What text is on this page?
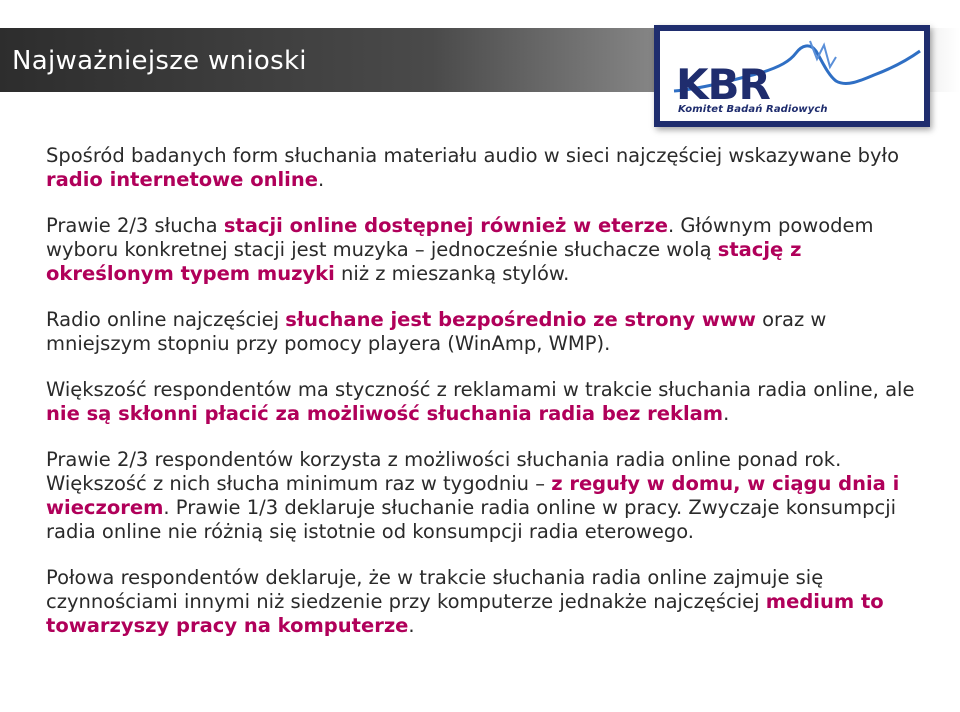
Najważniejsze wnioski	KBR
Komitet Badań Radiowych

Spośród badanych form słuchania materiału audio w sieci najczęściej wskazywane było radio internetowe online.

Prawie 2/3 słucha stacji online dostępnej również w eterze. Głównym powodem wyboru konkretnej stacji jest muzyka – jednocześnie słuchacze wolą stację z określonym typem muzyki niż z mieszanką stylów.

Radio online najczęściej słuchane jest bezpośrednio ze strony www oraz w mniejszym stopniu przy pomocy playera (WinAmp, WMP).

Większość respondentów ma styczność z reklamami w trakcie słuchania radia online, ale nie są skłonni płacić za możliwość słuchania radia bez reklam.

Prawie 2/3 respondentów korzysta z możliwości słuchania radia online ponad rok. Większość z nich słucha minimum raz w tygodniu – z reguły w domu, w ciągu dnia i wieczorem. Prawie 1/3 deklaruje słuchanie radia online w pracy. Zwyczaje konsumpcji radia online nie różnią się istotnie od konsumpcji radia eterowego.

Połowa respondentów deklaruje, że w trakcie słuchania radia online zajmuje się czynnościami innymi niż siedzenie przy komputerze jednakże najczęściej medium to towarzyszy pracy na komputerze.
